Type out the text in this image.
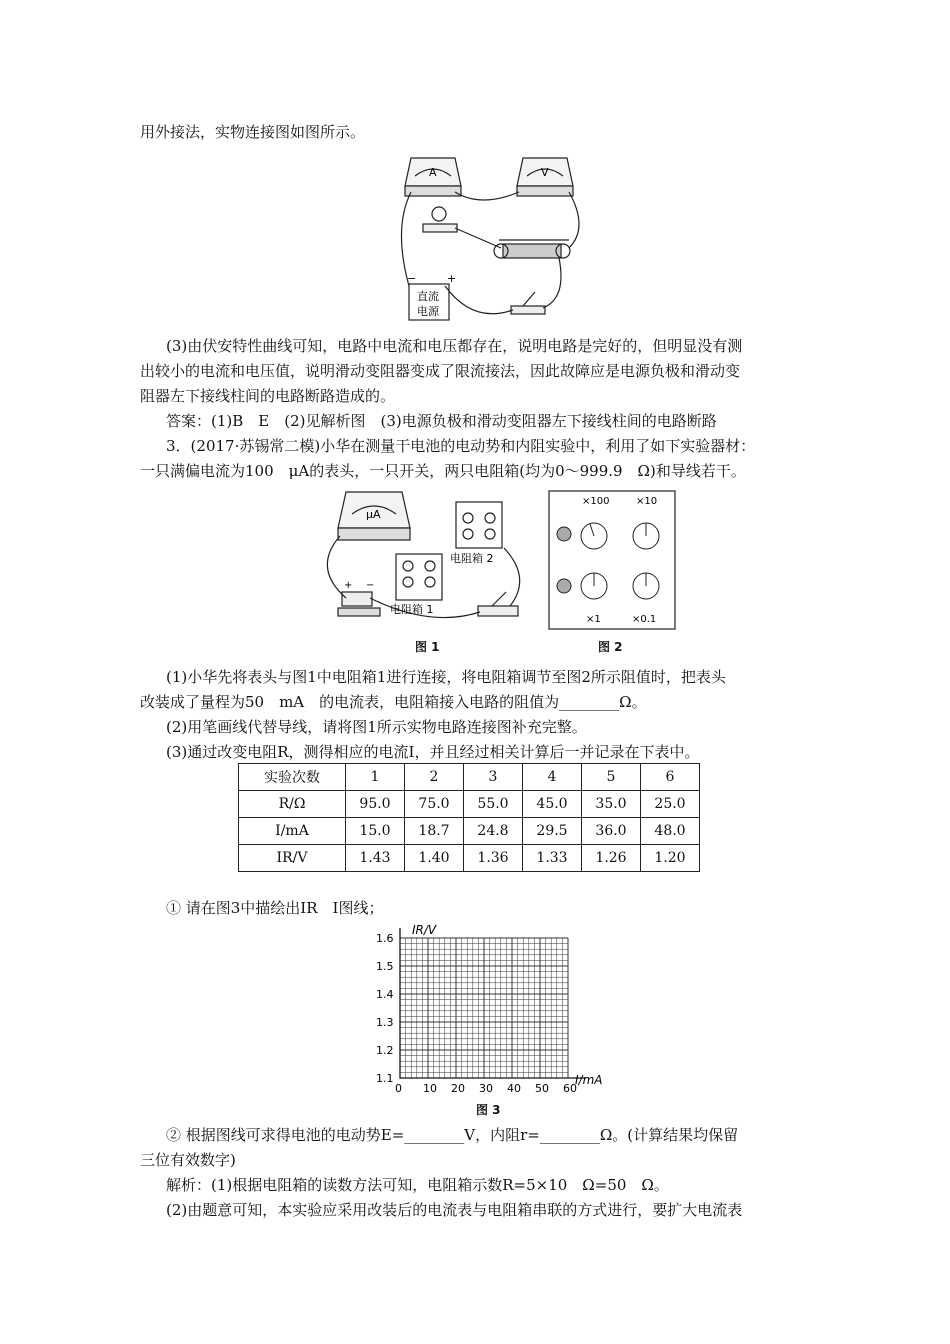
用外接法，实物连接图如图所示。
A	V
−	+
直流
电源
(3)由伏安特性曲线可知，电路中电流和电压都存在，说明电路是完好的，但明显没有测
出较小的电流和电压值，说明滑动变阻器变成了限流接法，因此故障应是电源负极和滑动变
阻器左下接线柱间的电路断路造成的。
答案：(1)B　E　(2)见解析图　(3)电源负极和滑动变阻器左下接线柱间的电路断路
3．(2017·苏锡常二模)小华在测量干电池的电动势和内阻实验中，利用了如下实验器材：
一只满偏电流为100　μA的表头，一只开关，两只电阻箱(均为0～999.9　Ω)和导线若干。
μA
电阻箱 2
电阻箱 1
+ −
图 1
×100	×10
×1	×0.1
图 2
(1)小华先将表头与图1中电阻箱1进行连接，将电阻箱调节至图2所示阻值时，把表头
改装成了量程为50　mA　的电流表，电阻箱接入电路的阻值为________Ω。
(2)用笔画线代替导线，请将图1所示实物电路连接图补充完整。
(3)通过改变电阻R，测得相应的电流I，并且经过相关计算后一并记录在下表中。
实验次数	1	2	3	4	5	6
R/Ω	95.0	75.0	55.0	45.0	35.0	25.0
I/mA	15.0	18.7	24.8	29.5	36.0	48.0
IR/V	1.43	1.40	1.36	1.33	1.26	1.20
① 请在图3中描绘出IR　I图线；
0 10 20 30 40 50 60
1.1
1.2
1.3
1.4
1.5
1.6
IR/V
I/mA
图 3
② 根据图线可求得电池的电动势E=________V，内阻r=________Ω。(计算结果均保留
三位有效数字)
解析：(1)根据电阻箱的读数方法可知，电阻箱示数R=5×10　Ω=50　Ω。
(2)由题意可知，本实验应采用改装后的电流表与电阻箱串联的方式进行，要扩大电流表
